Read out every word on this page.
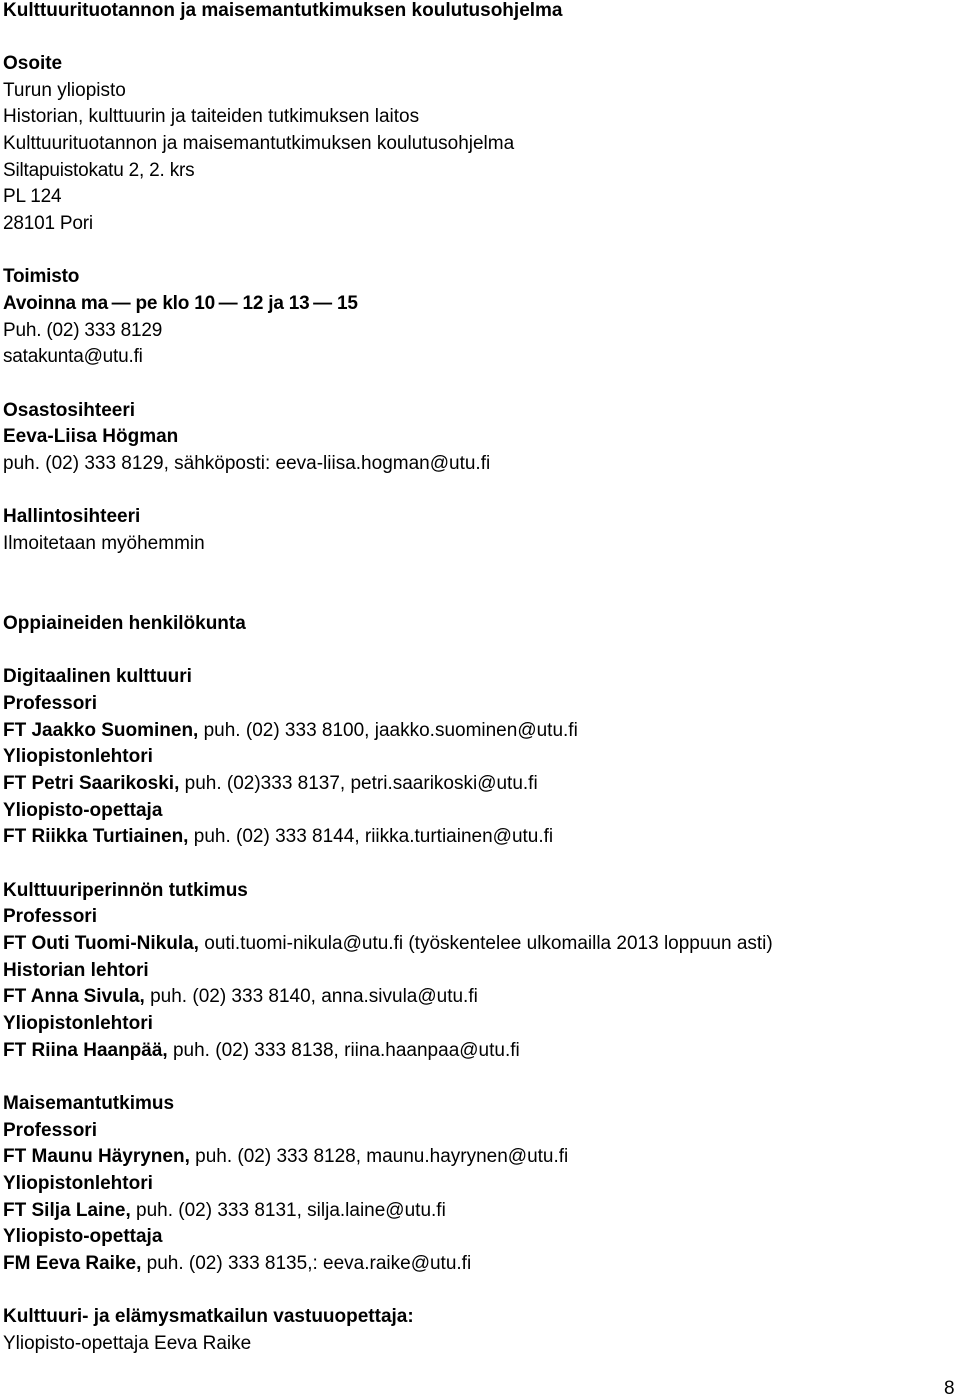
Kulttuurituotannon ja maisemantutkimuksen koulutusohjelma
Osoite
Turun yliopisto
Historian, kulttuurin ja taiteiden tutkimuksen laitos
Kulttuurituotannon ja maisemantutkimuksen koulutusohjelma
Siltapuistokatu 2, 2. krs
PL 124
28101 Pori
Toimisto
Avoinna ma — pe klo 10 — 12 ja 13 — 15
Puh. (02) 333 8129
satakunta@utu.fi
Osastosihteeri
Eeva-Liisa Högman
puh. (02) 333 8129, sähköposti: eeva-liisa.hogman@utu.fi
Hallintosihteeri
Ilmoitetaan myöhemmin
Oppiaineiden henkilökunta
Digitaalinen kulttuuri
Professori
FT Jaakko Suominen, puh. (02) 333 8100, jaakko.suominen@utu.fi
Yliopistonlehtori
FT Petri Saarikoski, puh. (02)333 8137, petri.saarikoski@utu.fi
Yliopisto-opettaja
FT Riikka Turtiainen, puh. (02) 333 8144, riikka.turtiainen@utu.fi
Kulttuuriperinnön tutkimus
Professori
FT Outi Tuomi-Nikula, outi.tuomi-nikula@utu.fi (työskentelee ulkomailla 2013 loppuun asti)
Historian lehtori
FT Anna Sivula, puh. (02) 333 8140, anna.sivula@utu.fi
Yliopistonlehtori
FT Riina Haanpää, puh. (02) 333 8138, riina.haanpaa@utu.fi
Maisemantutkimus
Professori
FT Maunu Häyrynen, puh. (02) 333 8128, maunu.hayrynen@utu.fi
Yliopistonlehtori
FT Silja Laine, puh. (02) 333 8131, silja.laine@utu.fi
Yliopisto-opettaja
FM Eeva Raike, puh. (02) 333 8135,: eeva.raike@utu.fi
Kulttuuri- ja elämysmatkailun vastuuopettaja:
Yliopisto-opettaja Eeva Raike
8
